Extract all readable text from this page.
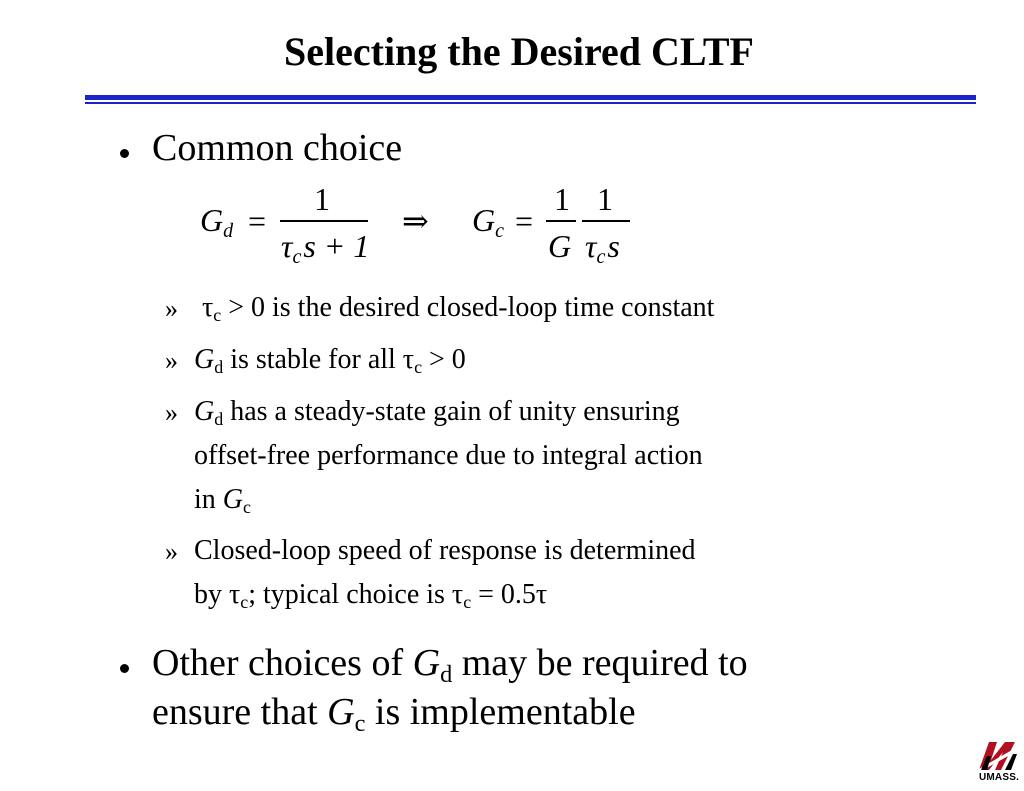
Selecting the Desired CLTF
Common choice
Gd =
1
τcs + 1
⇒ Gc =
1
G
1
τcs
» $\tau_c > 0$ is the desired closed-loop time constant
» $G_d$ is stable for all $\tau_c > 0$
» $G_d$ has a steady-state gain of unity ensuring
offset-free performance due to integral action
in $G_c$
» Closed-loop speed of response is determined
by $\tau_c$; typical choice is $\tau_c = 0.5\tau$
Other choices of $G_d$ may be required to
ensure that $G_c$ is implementable
UMASS.
